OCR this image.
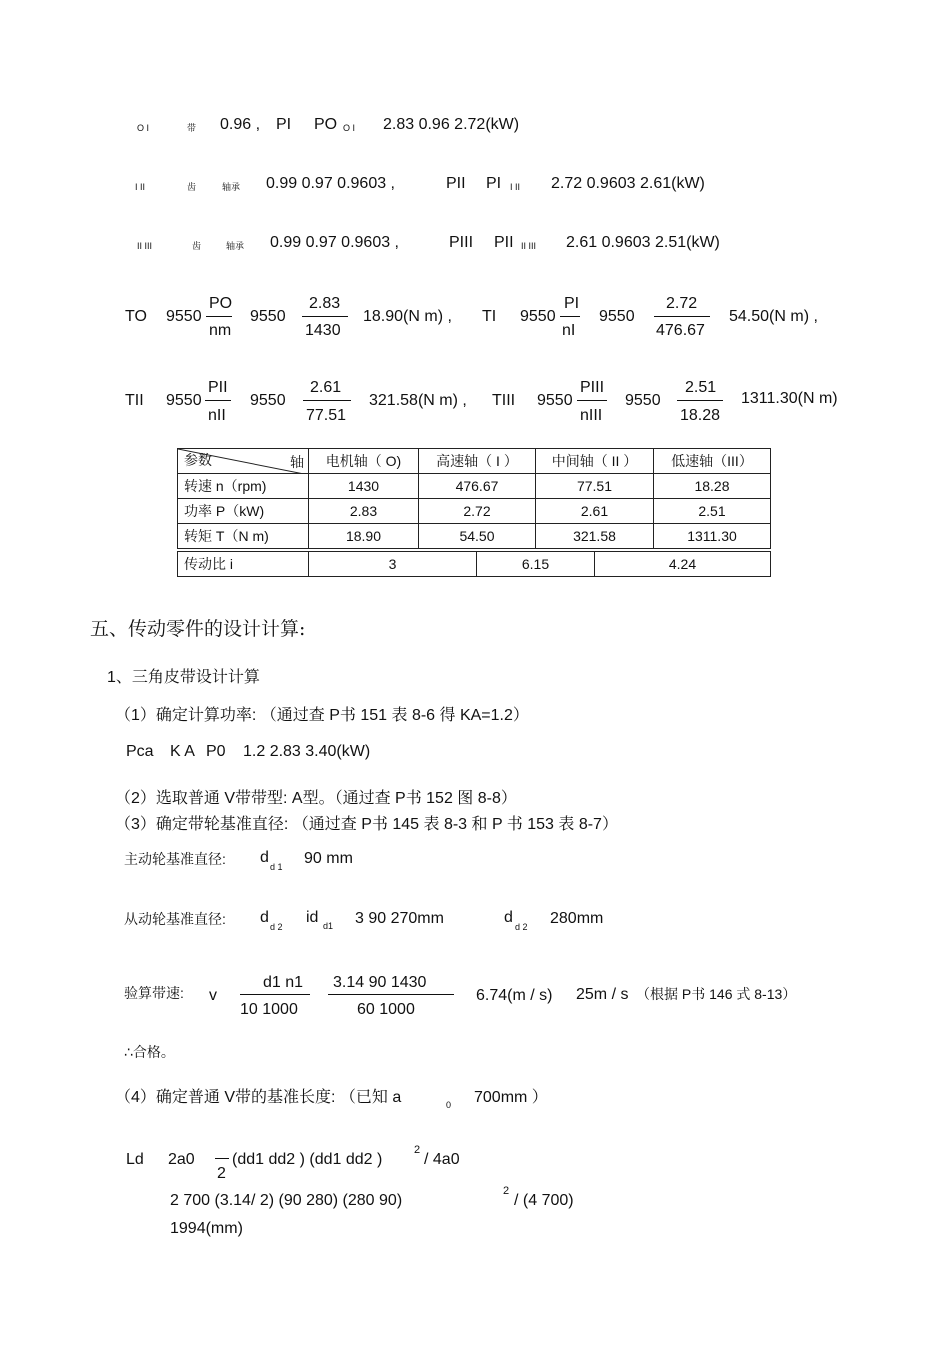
O I	带 0.96 , PI PO O I 2.83 0.96 2.72(kW)
I II	齿	轴承 0.99 0.97 0.9603 ,	PII PI I II 2.72 0.9603 2.61(kW)
II III	齿	轴承 0.99 0.97 0.9603 ,	PIII PII II III 2.61 0.9603 2.51(kW)
TO 9550
PO
nm
9550
2.83
1430
18.90(N m) , TI 9550
PI
nI
9550
2.72
476.67
54.50(N m) ,
TII 9550
PII
nII
9550
2.61
77.51
321.58(N m) , TIII 9550
PIII
nIII
9550
2.51
18.28
1311.30(N m)
轴
参数	电机轴（ O)	高速轴（ I ）	中间轴（ II ）	低速轴（III）
转速 n（rpm)	1430	476.67	77.51	18.28
功率 P（kW)	2.83	2.72	2.61	2.51
转矩 T（N m)	18.90	54.50	321.58	1311.30
传动比 i	3	6.15	4.24
五、传动零件的设计计算:
1、三角皮带设计计算
（1）确定计算功率: （通过查 P书 151 表 8-6 得 KA=1.2）
Pca K A P0 1.2 2.83 3.40(kW)
（2）选取普通 V带带型: A型。（通过查 P书 152 图 8-8）
（3）确定带轮基准直径: （通过查 P书 145 表 8-3 和 P 书 153 表 8-7）
主动轮基准直径: d
d 1 90 mm
从动轮基准直径: d
d 2
id d1 3 90 270mm	d
d 2 280mm
验算带速: v
d1 n1
10 1000
3.14 90 1430
60 1000
6.74(m / s) 25m / s （根据 P书 146 式 8-13）
∴合格。
（4）确定普通 V带的基准长度: （已知 a	0 700mm ）
Ld 2a0
2
(dd1 dd2 ) (dd1 dd2 )
2
/ 4a0
2 700 (3.14/ 2) (90 280) (280 90)
2
/ (4 700)
1994(mm)
